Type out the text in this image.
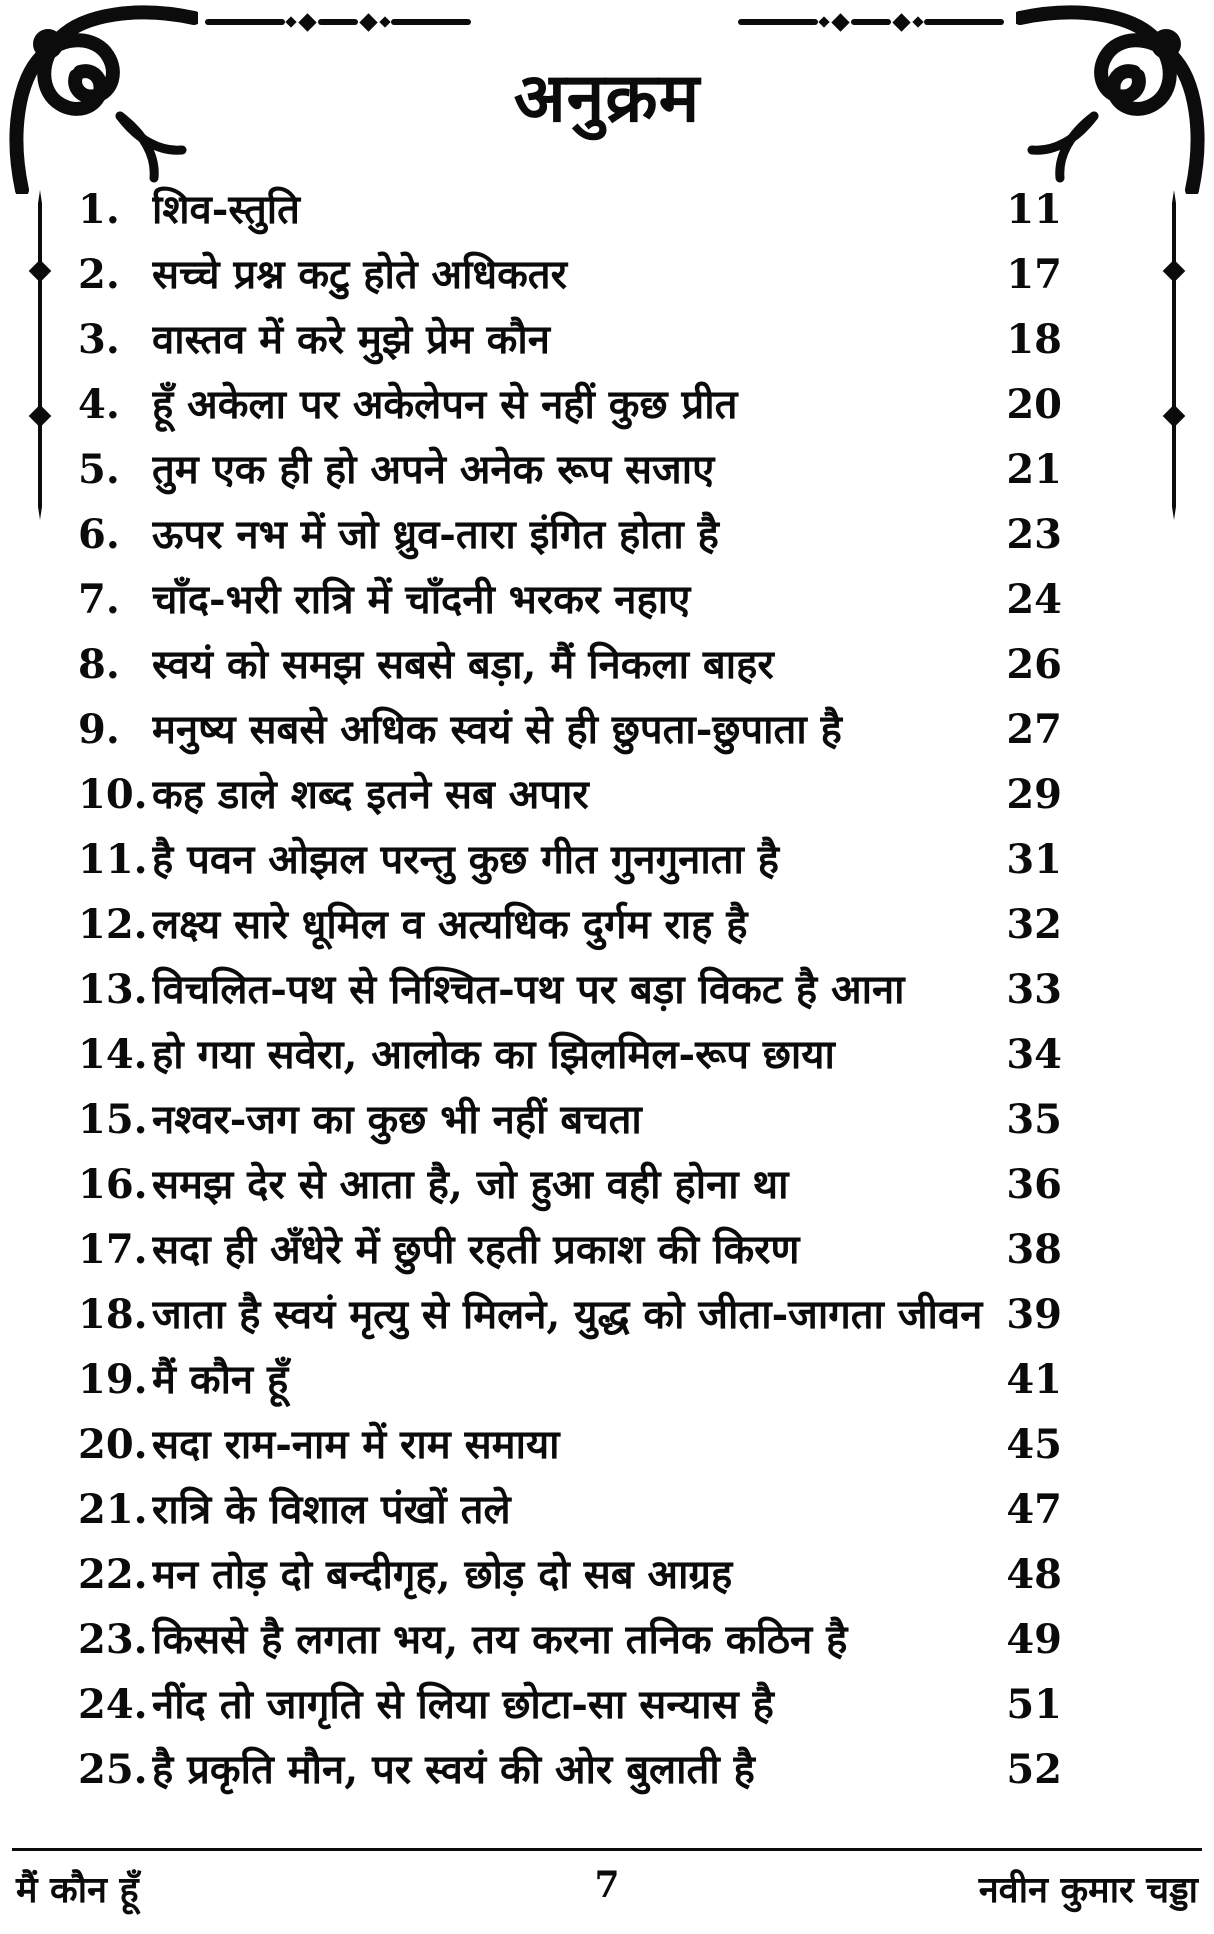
अनुक्रम
1. शिव-स्तुति	11
2. सच्चे प्रश्न कटु होते अधिकतर	17
3. वास्तव में करे मुझे प्रेम कौन	18
4. हूँ अकेला पर अकेलेपन से नहीं कुछ प्रीत	20
5. तुम एक ही हो अपने अनेक रूप सजाए	21
6. ऊपर नभ में जो ध्रुव-तारा इंगित होता है	23
7. चाँद-भरी रात्रि में चाँदनी भरकर नहाए	24
8. स्वयं को समझ सबसे बड़ा, मैं निकला बाहर	26
9. मनुष्य सबसे अधिक स्वयं से ही छुपता-छुपाता है	27
10. कह डाले शब्द इतने सब अपार	29
11. है पवन ओझल परन्तु कुछ गीत गुनगुनाता है	31
12. लक्ष्य सारे धूमिल व अत्यधिक दुर्गम राह है	32
13. विचलित-पथ से निश्चित-पथ पर बड़ा विकट है आना	33
14. हो गया सवेरा, आलोक का झिलमिल-रूप छाया	34
15. नश्वर-जग का कुछ भी नहीं बचता	35
16. समझ देर से आता है, जो हुआ वही होना था	36
17. सदा ही अँधेरे में छुपी रहती प्रकाश की किरण	38
18. जाता है स्वयं मृत्यु से मिलने, युद्ध को जीता-जागता जीवन 39
19. मैं कौन हूँ	41
20. सदा राम-नाम में राम समाया	45
21. रात्रि के विशाल पंखों तले	47
22. मन तोड़ दो बन्दीगृह, छोड़ दो सब आग्रह	48
23. किससे है लगता भय, तय करना तनिक कठिन है	49
24. नींद तो जागृति से लिया छोटा-सा सन्यास है	51
25. है प्रकृति मौन, पर स्वयं की ओर बुलाती है	52
मैं कौन हूँ	7	नवीन कुमार चड्डा
